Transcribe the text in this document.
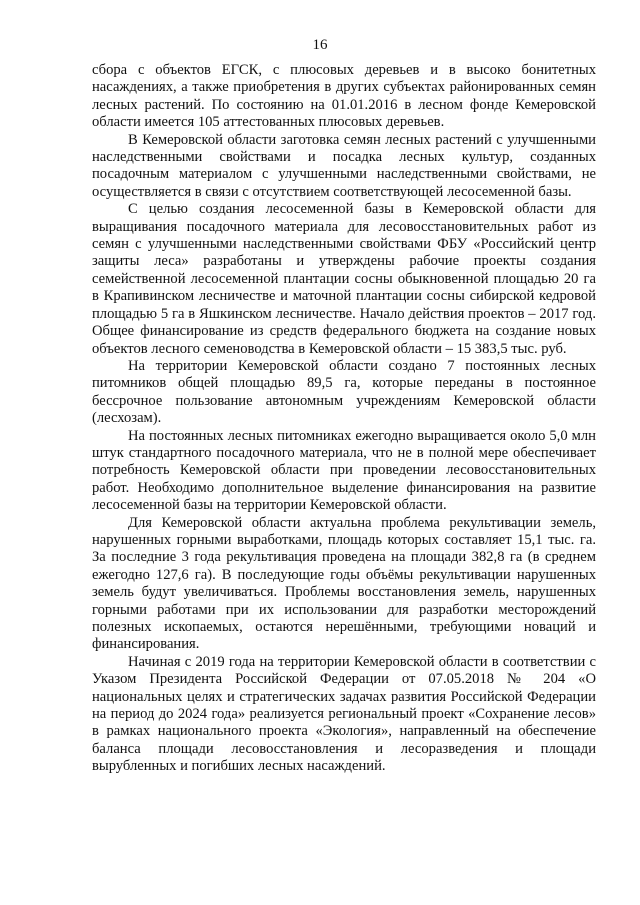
16

сбора с объектов ЕГСК, с плюсовых деревьев и в высоко бонитетных насаждениях, а также приобретения в других субъектах районированных семян лесных растений. По состоянию на 01.01.2016 в лесном фонде Кемеровской области имеется 105 аттестованных плюсовых деревьев.

В Кемеровской области заготовка семян лесных растений с улучшенными наследственными свойствами и посадка лесных культур, созданных посадочным материалом с улучшенными наследственными свойствами, не осуществляется в связи с отсутствием соответствующей лесосеменной базы.

С целью создания лесосеменной базы в Кемеровской области для выращивания посадочного материала для лесовосстановительных работ из семян с улучшенными наследственными свойствами ФБУ «Российский центр защиты леса» разработаны и утверждены рабочие проекты создания семейственной лесосеменной плантации сосны обыкновенной площадью 20 га в Крапивинском лесничестве и маточной плантации сосны сибирской кедровой площадью 5 га в Яшкинском лесничестве. Начало действия проектов – 2017 год. Общее финансирование из средств федерального бюджета на создание новых объектов лесного семеноводства в Кемеровской области – 15 383,5 тыс. руб.

На территории Кемеровской области создано 7 постоянных лесных питомников общей площадью 89,5 га, которые переданы в постоянное бессрочное пользование автономным учреждениям Кемеровской области (лесхозам).

На постоянных лесных питомниках ежегодно выращивается около 5,0 млн штук стандартного посадочного материала, что не в полной мере обеспечивает потребность Кемеровской области при проведении лесовосстановительных работ. Необходимо дополнительное выделение финансирования на развитие лесосеменной базы на территории Кемеровской области.

Для Кемеровской области актуальна проблема рекультивации земель, нарушенных горными выработками, площадь которых составляет 15,1 тыс. га. За последние 3 года рекультивация проведена на площади 382,8 га (в среднем ежегодно 127,6 га). В последующие годы объёмы рекультивации нарушенных земель будут увеличиваться. Проблемы восстановления земель, нарушенных горными работами при их использовании для разработки месторождений полезных ископаемых, остаются нерешёнными, требующими новаций и финансирования.

Начиная с 2019 года на территории Кемеровской области в соответствии с Указом Президента Российской Федерации от 07.05.2018 № 204 «О национальных целях и стратегических задачах развития Российской Федерации на период до 2024 года» реализуется региональный проект «Сохранение лесов» в рамках национального проекта «Экология», направленный на обеспечение баланса площади лесовосстановления и лесоразведения и площади вырубленных и погибших лесных насаждений.
